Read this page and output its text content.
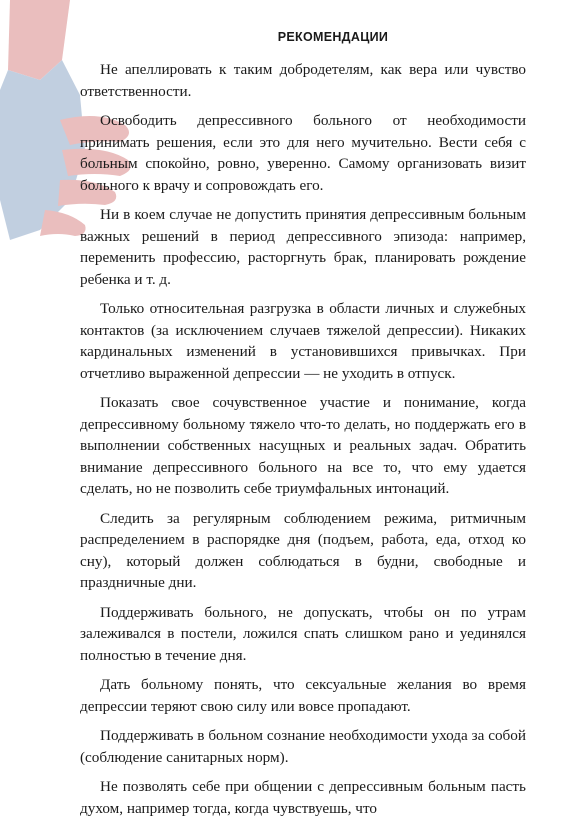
РЕКОМЕНДАЦИИ

Не апеллировать к таким добродетелям, как вера или чувство ответственности.

Освободить депрессивного больного от необходимости принимать решения, если это для него мучительно. Вести себя с больным спокойно, ровно, уверенно. Самому организовать визит больного к врачу и сопровождать его.

Ни в коем случае не допустить принятия депрессивным больным важных решений в период депрессивного эпизода: например, переменить профессию, расторгнуть брак, планировать рождение ребенка и т. д.

Только относительная разгрузка в области личных и служебных контактов (за исключением случаев тяжелой депрессии). Никаких кардинальных изменений в установившихся привычках. При отчетливо выраженной депрессии — не уходить в отпуск.

Показать свое сочувственное участие и понимание, когда депрессивному больному тяжело что-то делать, но поддержать его в выполнении собственных насущных и реальных задач. Обратить внимание депрессивного больного на все то, что ему удается сделать, но не позволить себе триумфальных интонаций.

Следить за регулярным соблюдением режима, ритмичным распределением в распорядке дня (подъем, работа, еда, отход ко сну), который должен соблюдаться в будни, свободные и праздничные дни.

Поддерживать больного, не допускать, чтобы он по утрам залеживался в постели, ложился спать слишком рано и уединялся полностью в течение дня.

Дать больному понять, что сексуальные желания во время депрессии теряют свою силу или вовсе пропадают.

Поддерживать в больном сознание необходимости ухода за собой (соблюдение санитарных норм).

Не позволять себе при общении с депрессивным больным пасть духом, например тогда, когда чувствуешь, что
